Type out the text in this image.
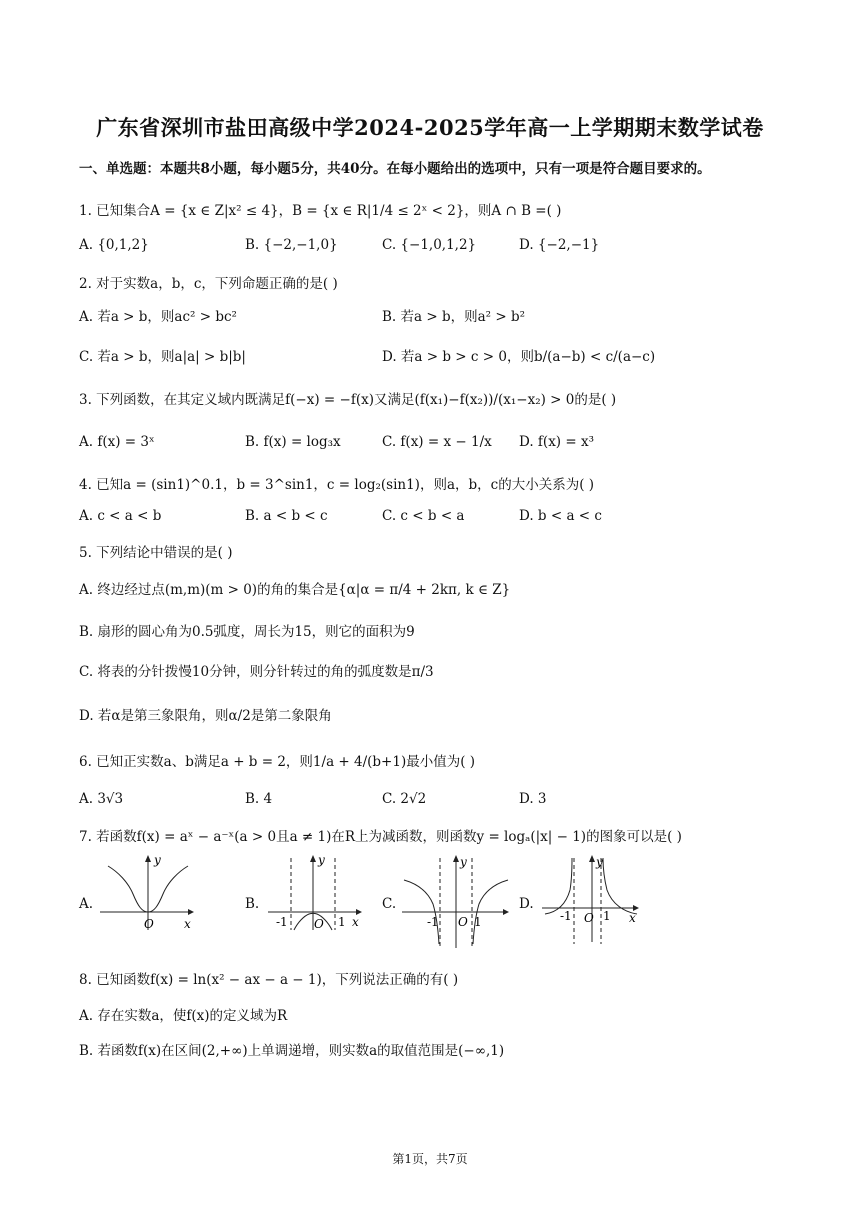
广东省深圳市盐田高级中学2024-2025学年高一上学期期末数学试卷
一、单选题：本题共8小题，每小题5分，共40分。在每小题给出的选项中，只有一项是符合题目要求的。
1. 已知集合A = {x ∈ Z|x² ≤ 4}，B = {x ∈ R|1/4 ≤ 2ˣ < 2}，则A ∩ B =( )
A. {0,1,2}	B. {−2,−1,0}	C. {−1,0,1,2}	D. {−2,−1}
2. 对于实数a，b，c，下列命题正确的是( )
A. 若a > b，则ac² > bc²	B. 若a > b，则a² > b²
C. 若a > b，则a|a| > b|b|	D. 若a > b > c > 0，则b/(a−b) < c/(a−c)
3. 下列函数，在其定义域内既满足f(−x) = −f(x)又满足(f(x₁)−f(x₂))/(x₁−x₂) > 0的是( )
A. f(x) = 3ˣ	B. f(x) = log₃x	C. f(x) = x − 1/x D. f(x) = x³
4. 已知a = (sin1)^0.1，b = 3^sin1，c = log₂(sin1)，则a，b，c的大小关系为( )
A. c < a < b	B. a < b < c	C. c < b < a	D. b < a < c
5. 下列结论中错误的是( )
A. 终边经过点(m,m)(m > 0)的角的集合是{α|α = π/4 + 2kπ, k ∈ Z}
B. 扇形的圆心角为0.5弧度，周长为15，则它的面积为9
C. 将表的分针拨慢10分钟，则分针转过的角的弧度数是π/3
D. 若α是第三象限角，则α/2是第二象限角
6. 已知正实数a、b满足a + b = 2，则1/a + 4/(b+1)最小值为( )
A. 3√3	B. 4	C. 2√2	D. 3
7. 若函数f(x) = aˣ − a⁻ˣ(a > 0且a ≠ 1)在R上为减函数，则函数y = logₐ(|x| − 1)的图象可以是( )
A.
y
O	x
B.
-1	1
y
O x
C.
-1	1
y
O
D.
-1	1
y
O	x
8. 已知函数f(x) = ln(x² − ax − a − 1)，下列说法正确的有( )
A. 存在实数a，使f(x)的定义域为R
B. 若函数f(x)在区间(2,+∞)上单调递增，则实数a的取值范围是(−∞,1)
第1页，共7页
